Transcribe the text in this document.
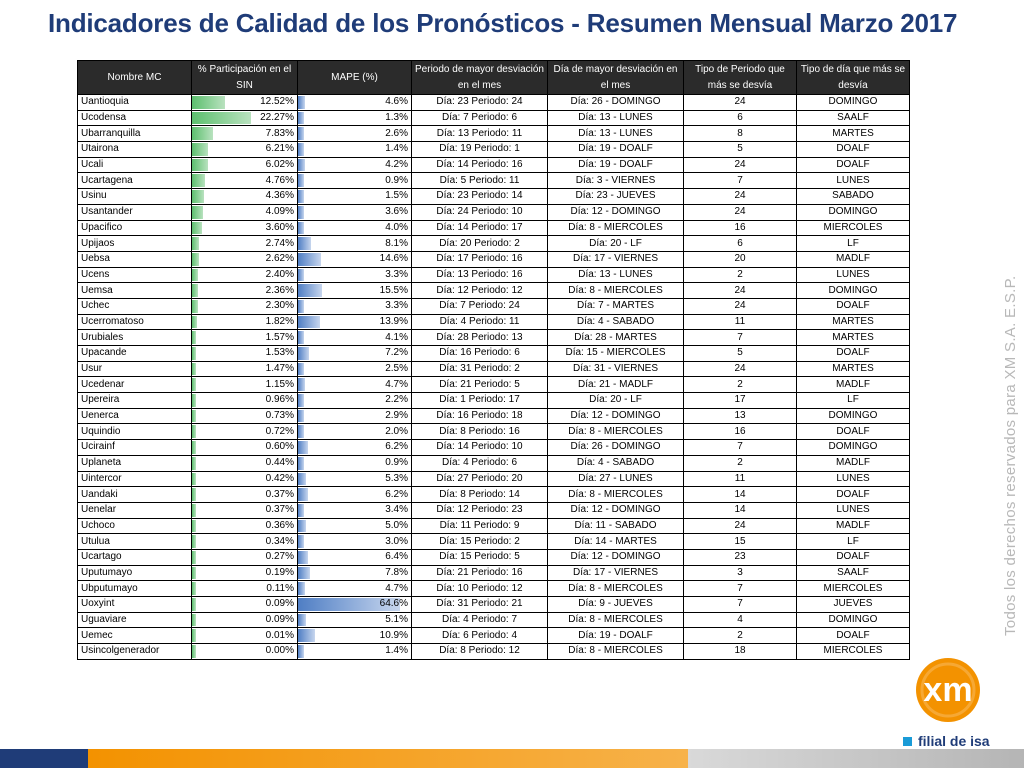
Indicadores de Calidad de los Pronósticos - Resumen Mensual Marzo 2017
Nombre MC	% Participación en el SIN	MAPE (%)	Periodo de mayor desviación en el mes	Día de mayor desviación en el mes	Tipo de Periodo que más se desvía	Tipo de día que más se desvía
Uantioquia	12.52%	4.6%	Día: 23 Periodo: 24	Día: 26 - DOMINGO	24	DOMINGO
Ucodensa	22.27%	1.3%	Día: 7 Periodo: 6	Día: 13 - LUNES	6	SAALF
Ubarranquilla	7.83%	2.6%	Día: 13 Periodo: 11	Día: 13 - LUNES	8	MARTES
Utairona	6.21%	1.4%	Día: 19 Periodo: 1	Día: 19 - DOALF	5	DOALF
Ucali	6.02%	4.2%	Día: 14 Periodo: 16	Día: 19 - DOALF	24	DOALF
Ucartagena	4.76%	0.9%	Día: 5 Periodo: 11	Día: 3 - VIERNES	7	LUNES
Usinu	4.36%	1.5%	Día: 23 Periodo: 14	Día: 23 - JUEVES	24	SABADO
Usantander	4.09%	3.6%	Día: 24 Periodo: 10	Día: 12 - DOMINGO	24	DOMINGO
Upacifico	3.60%	4.0%	Día: 14 Periodo: 17	Día: 8 - MIERCOLES	16	MIERCOLES
Upijaos	2.74%	8.1%	Día: 20 Periodo: 2	Día: 20 - LF	6	LF
Uebsa	2.62%	14.6%	Día: 17 Periodo: 16	Día: 17 - VIERNES	20	MADLF
Ucens	2.40%	3.3%	Día: 13 Periodo: 16	Día: 13 - LUNES	2	LUNES
Uemsa	2.36%	15.5%	Día: 12 Periodo: 12	Día: 8 - MIERCOLES	24	DOMINGO
Uchec	2.30%	3.3%	Día: 7 Periodo: 24	Día: 7 - MARTES	24	DOALF
Ucerromatoso	1.82%	13.9%	Día: 4 Periodo: 11	Día: 4 - SABADO	11	MARTES
Urubiales	1.57%	4.1%	Día: 28 Periodo: 13	Día: 28 - MARTES	7	MARTES
Upacande	1.53%	7.2%	Día: 16 Periodo: 6	Día: 15 - MIERCOLES	5	DOALF
Usur	1.47%	2.5%	Día: 31 Periodo: 2	Día: 31 - VIERNES	24	MARTES
Ucedenar	1.15%	4.7%	Día: 21 Periodo: 5	Día: 21 - MADLF	2	MADLF
Upereira	0.96%	2.2%	Día: 1 Periodo: 17	Día: 20 - LF	17	LF
Uenerca	0.73%	2.9%	Día: 16 Periodo: 18	Día: 12 - DOMINGO	13	DOMINGO
Uquindio	0.72%	2.0%	Día: 8 Periodo: 16	Día: 8 - MIERCOLES	16	DOALF
Ucirainf	0.60%	6.2%	Día: 14 Periodo: 10	Día: 26 - DOMINGO	7	DOMINGO
Uplaneta	0.44%	0.9%	Día: 4 Periodo: 6	Día: 4 - SABADO	2	MADLF
Uintercor	0.42%	5.3%	Día: 27 Periodo: 20	Día: 27 - LUNES	11	LUNES
Uandaki	0.37%	6.2%	Día: 8 Periodo: 14	Día: 8 - MIERCOLES	14	DOALF
Uenelar	0.37%	3.4%	Día: 12 Periodo: 23	Día: 12 - DOMINGO	14	LUNES
Uchoco	0.36%	5.0%	Día: 11 Periodo: 9	Día: 11 - SABADO	24	MADLF
Utulua	0.34%	3.0%	Día: 15 Periodo: 2	Día: 14 - MARTES	15	LF
Ucartago	0.27%	6.4%	Día: 15 Periodo: 5	Día: 12 - DOMINGO	23	DOALF
Uputumayo	0.19%	7.8%	Día: 21 Periodo: 16	Día: 17 - VIERNES	3	SAALF
Ubputumayo	0.11%	4.7%	Día: 10 Periodo: 12	Día: 8 - MIERCOLES	7	MIERCOLES
Uoxyint	0.09%	64.6%	Día: 31 Periodo: 21	Día: 9 - JUEVES	7	JUEVES
Uguaviare	0.09%	5.1%	Día: 4 Periodo: 7	Día: 8 - MIERCOLES	4	DOMINGO
Uemec	0.01%	10.9%	Día: 6 Periodo: 4	Día: 19 - DOALF	2	DOALF
Usincolgenerador	0.00%	1.4%	Día: 8 Periodo: 12	Día: 8 - MIERCOLES	18	MIERCOLES
Todos los derechos reservados para XM S.A. E.S.P.
xm
filial de isa
